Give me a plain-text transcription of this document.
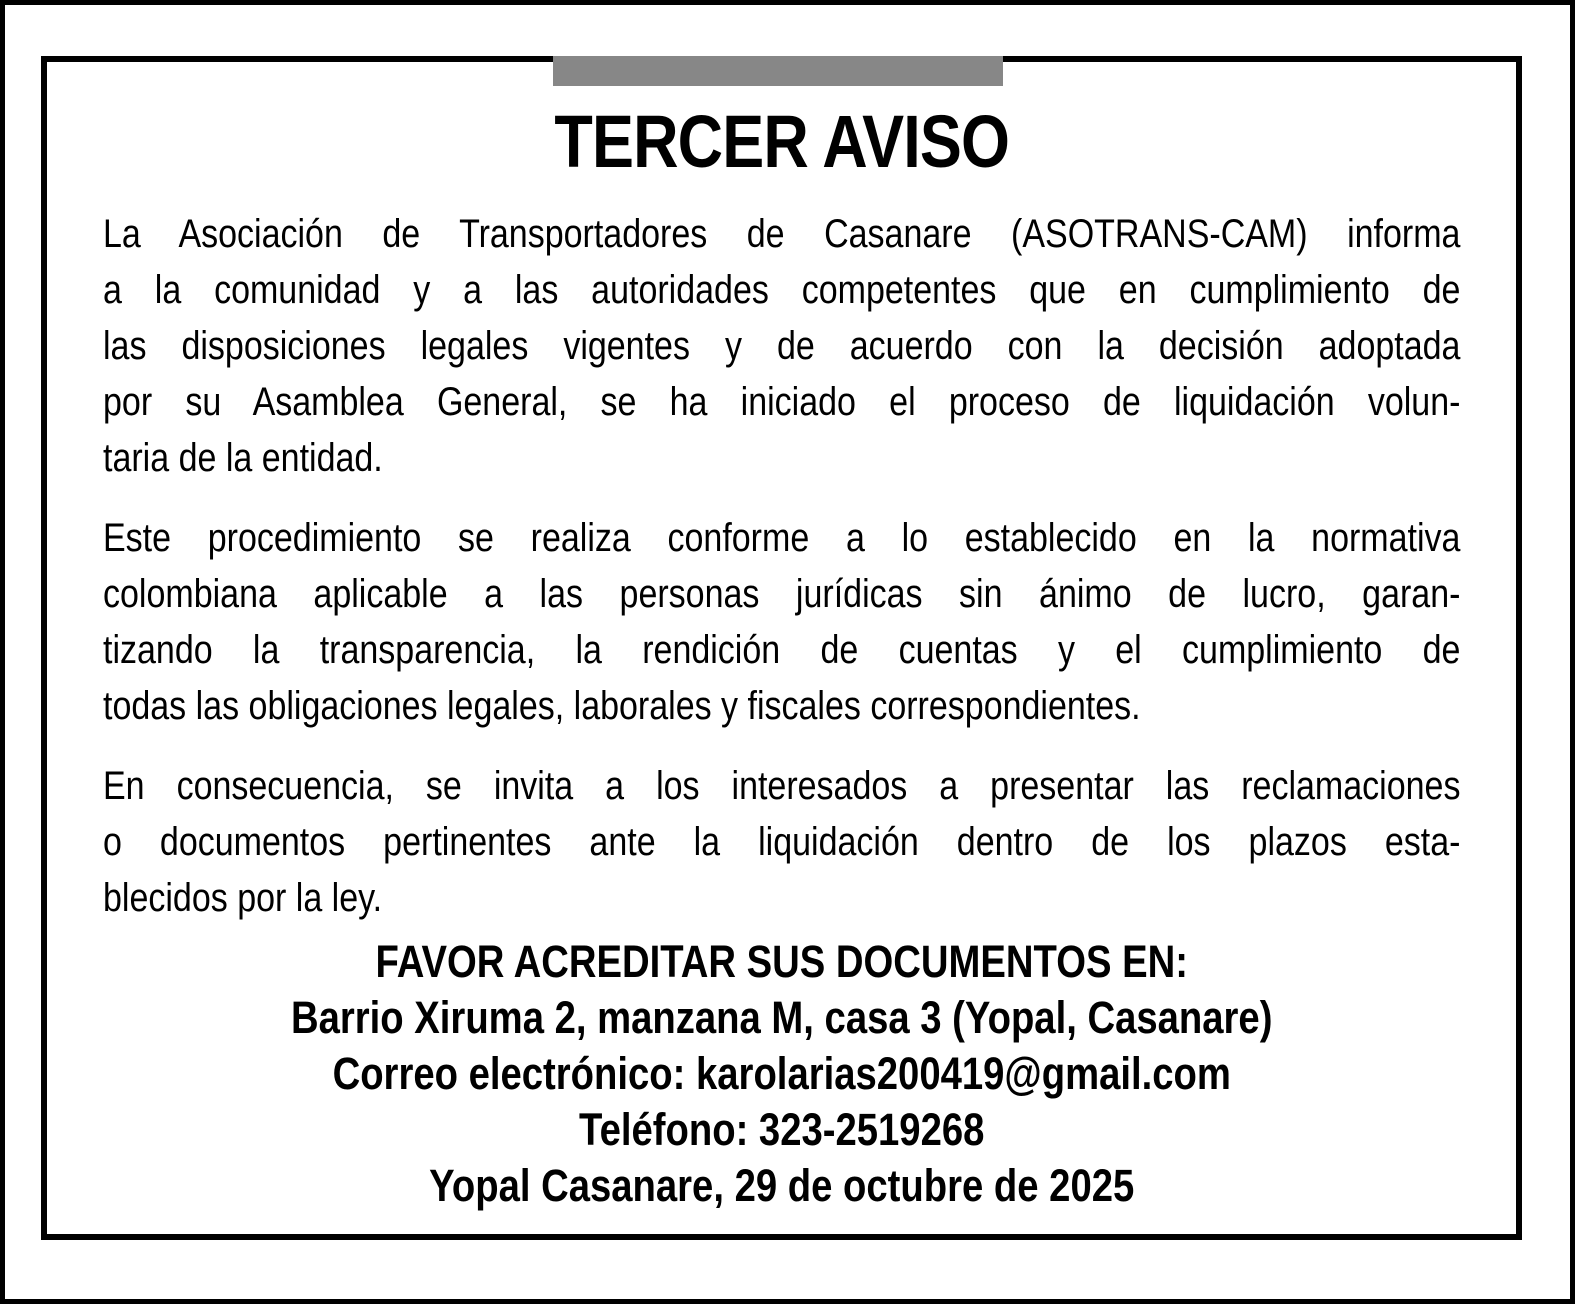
TERCER AVISO
La Asociación de Transportadores de Casanare (ASOTRANS-CAM) informa
a la comunidad y a las autoridades competentes que en cumplimiento de
las disposiciones legales vigentes y de acuerdo con la decisión adoptada
por su Asamblea General, se ha iniciado el proceso de liquidación volun-
taria de la entidad.
Este procedimiento se realiza conforme a lo establecido en la normativa
colombiana aplicable a las personas jurídicas sin ánimo de lucro, garan-
tizando la transparencia, la rendición de cuentas y el cumplimiento de
todas las obligaciones legales, laborales y fiscales correspondientes.
En consecuencia, se invita a los interesados a presentar las reclamaciones
o documentos pertinentes ante la liquidación dentro de los plazos esta-
blecidos por la ley.
FAVOR ACREDITAR SUS DOCUMENTOS EN:
Barrio Xiruma 2, manzana M, casa 3 (Yopal, Casanare)
Correo electrónico: karolarias200419@gmail.com
Teléfono: 323-2519268
Yopal Casanare, 29 de octubre de 2025
